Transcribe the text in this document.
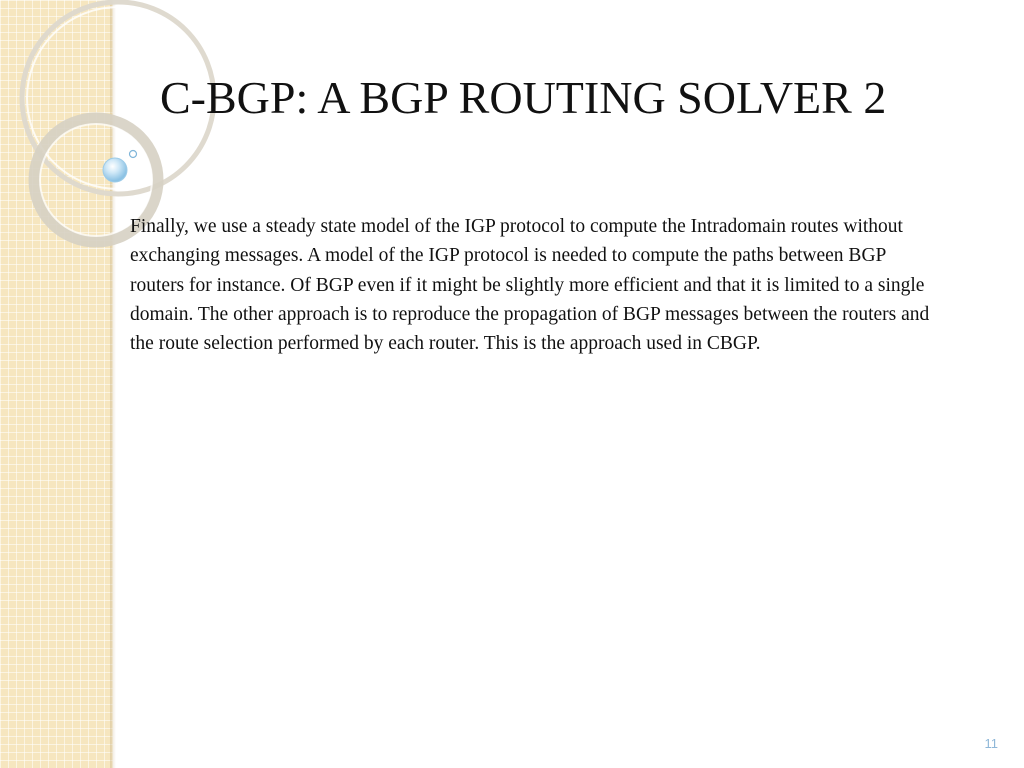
C-BGP: A BGP ROUTING SOLVER 2

Finally, we use a steady state model of the IGP protocol to compute the Intradomain routes without exchanging messages. A model of the IGP protocol is needed to compute the paths between BGP routers for instance. Of BGP even if it might be slightly more efficient and that it is limited to a single domain. The other approach is to reproduce the propagation of BGP messages between the routers and the route selection performed by each router. This is the approach used in CBGP.

11
